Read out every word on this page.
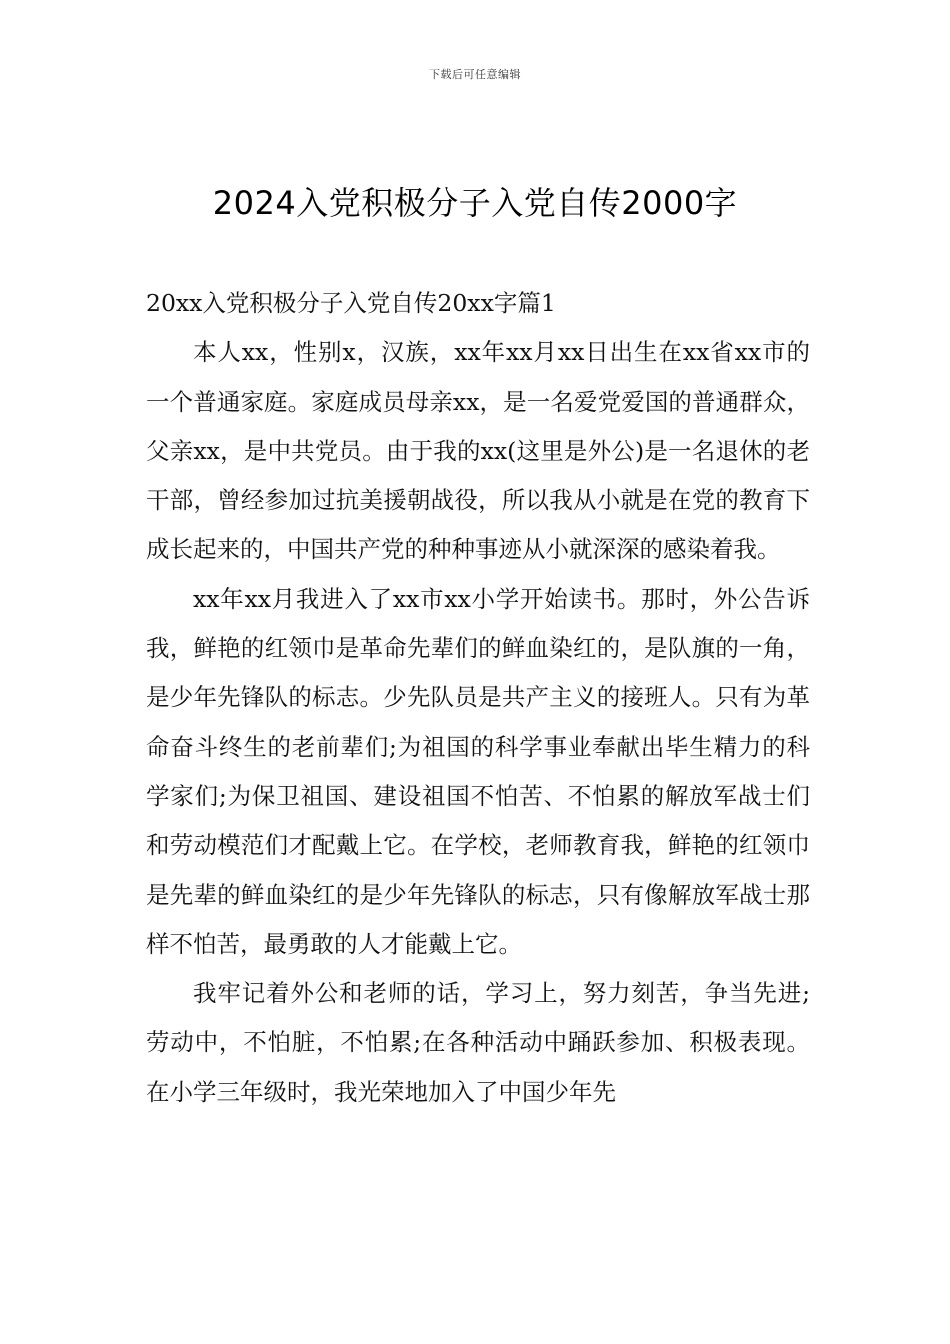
下载后可任意编辑
2024入党积极分子入党自传2000字

20xx入党积极分子入党自传20xx字篇1

本人xx，性别x，汉族，xx年xx月xx日出生在xx省xx市的一个普通家庭。家庭成员母亲xx，是一名爱党爱国的普通群众，父亲xx，是中共党员。由于我的xx(这里是外公)是一名退休的老干部，曾经参加过抗美援朝战役，所以我从小就是在党的教育下成长起来的，中国共产党的种种事迹从小就深深的感染着我。

xx年xx月我进入了xx市xx小学开始读书。那时，外公告诉我，鲜艳的红领巾是革命先辈们的鲜血染红的，是队旗的一角，是少年先锋队的标志。少先队员是共产主义的接班人。只有为革命奋斗终生的老前辈们;为祖国的科学事业奉献出毕生精力的科学家们;为保卫祖国、建设祖国不怕苦、不怕累的解放军战士们和劳动模范们才配戴上它。在学校，老师教育我，鲜艳的红领巾是先辈的鲜血染红的是少年先锋队的标志，只有像解放军战士那样不怕苦，最勇敢的人才能戴上它。

我牢记着外公和老师的话，学习上，努力刻苦，争当先进;劳动中，不怕脏，不怕累;在各种活动中踊跃参加、积极表现。在小学三年级时，我光荣地加入了中国少年先
